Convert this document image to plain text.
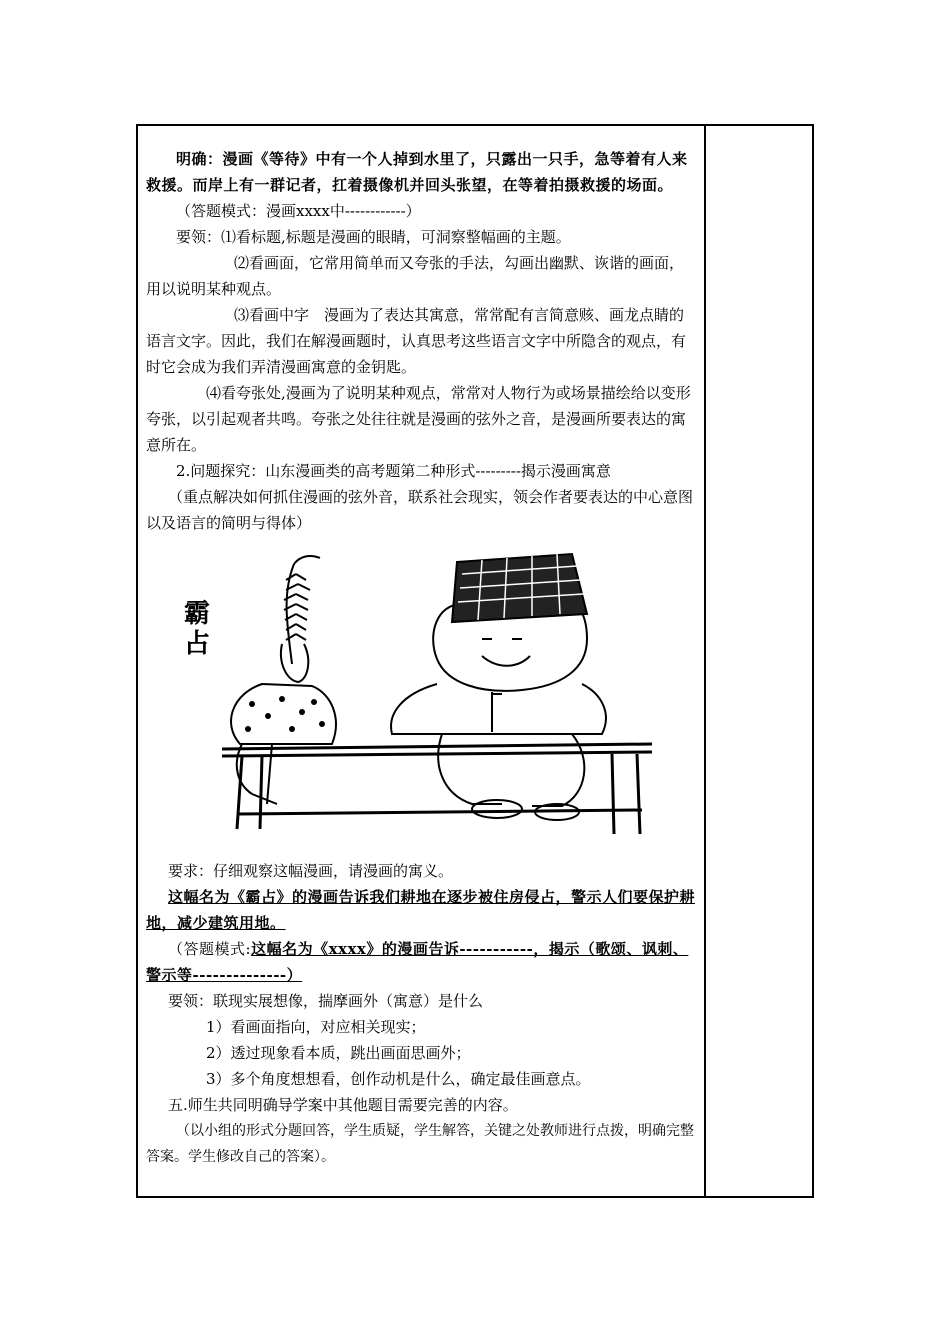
明确：漫画《等待》中有一个人掉到水里了，只露出一只手，急等着有人来救援。而岸上有一群记者，扛着摄像机并回头张望，在等着拍摄救援的场面。

（答题模式：漫画xxxx中------------）

要领：⑴看标题,标题是漫画的眼睛，可洞察整幅画的主题。

⑵看画面，它常用简单而又夸张的手法，勾画出幽默、诙谐的画面，用以说明某种观点。

⑶看画中字　漫画为了表达其寓意，常常配有言简意赅、画龙点睛的语言文字。因此，我们在解漫画题时，认真思考这些语言文字中所隐含的观点，有时它会成为我们弄清漫画寓意的金钥匙。

⑷看夸张处,漫画为了说明某种观点，常常对人物行为或场景描绘给以变形夸张，以引起观者共鸣。夸张之处往往就是漫画的弦外之音，是漫画所要表达的寓意所在。

2.问题探究：山东漫画类的高考题第二种形式---------揭示漫画寓意

（重点解决如何抓住漫画的弦外音，联系社会现实，领会作者要表达的中心意图以及语言的简明与得体）

霸
占

要求：仔细观察这幅漫画，请漫画的寓义。

这幅名为《霸占》的漫画告诉我们耕地在逐步被住房侵占，警示人们要保护耕地，减少建筑用地。

（答题模式:这幅名为《xxxx》的漫画告诉-----------，揭示（歌颂、讽刺、警示等--------------）

要领：联现实展想像，揣摩画外（寓意）是什么

1）看画面指向，对应相关现实；

2）透过现象看本质，跳出画面思画外；

3）多个角度想想看，创作动机是什么，确定最佳画意点。

五.师生共同明确导学案中其他题目需要完善的内容。

（以小组的形式分题回答，学生质疑，学生解答，关键之处教师进行点拨，明确完整答案。学生修改自己的答案）。
